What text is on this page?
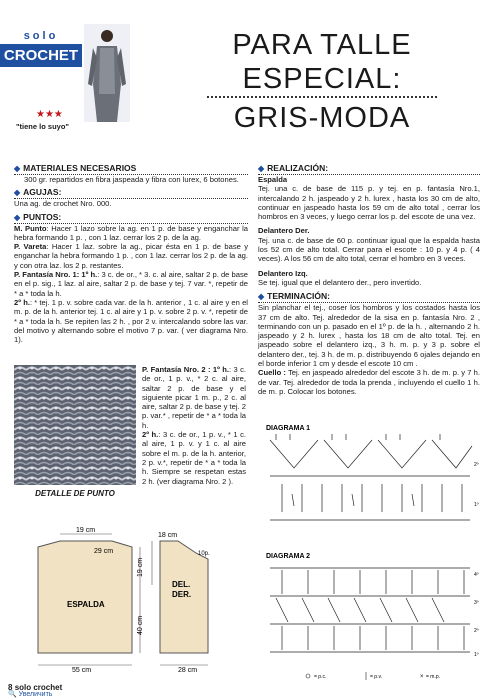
solo
CROCHET
★★★
"tiene lo suyo"
PARA TALLE
ESPECIAL:
GRIS-MODA
◆ MATERIALES NECESARIOS
300 gr. repartidos en fibra jaspeada y fibra con lurex, 6 botones.
◆ AGUJAS:
Una ag. de crochet Nro. 000.
◆ PUNTOS:
M. Punto: Hacer 1 lazo sobre la ag. en 1 p. de base y enganchar la hebra formando 1 p. , con 1 laz. cerrar los 2 p. de la ag.
P. Vareta: Hacer 1 laz. sobre la ag., picar ésta en 1 p. de base y enganchar la hebra formando 1 p. , con 1 laz. cerrar los 2 p. de la ag. y con otra laz. los 2 p. restantes.
P. Fantasía Nro. 1: 1º h.: 3 c. de or., * 3. c. al aire, saltar 2 p. de base en el p. sig., 1 laz. al aire, saltar 2 p. de base y tej. 7 var. *, repetir de * a * toda la h.
2º h.: * tej. 1 p. v. sobre cada var. de la h. anterior , 1 c. al aire y en el m. p. de la h. anterior tej. 1 c. al aire y 1 p. v. sobre 2 p. v. *, repetir de * a * toda la h. Se repiten las 2 h. , por 2 v. intercalando sobre las var. del motivo y alternando sobre el motivo 7 p. var. ( ver diagrama Nro. 1).
DETALLE DE PUNTO
P. Fantasía Nro. 2 : 1º h.: 3 c. de or., 1 p. v., * 2 c. al aire, saltar 2 p. de base y el siguiente picar 1 m. p., 2 c. al aire, saltar 2 p. de base y tej. 2 p. var.* , repetir de * a * toda la h.
2º h.: 3 c. de or., 1 p. v., * 1 c. al aire, 1 p. v. y 1 c. al aire sobre el m. p. de la h. anterior, 2 p. v.*, repetir de * a * toda la h. Siempre se respetan estas 2 h. (ver diagrama Nro. 2 ).
19 cm
29 cm
ESPALDA
DEL.
DER.
19 cm
40 cm
55 cm
18 cm
10p.
28 cm
◆ REALIZACIÓN:
Espalda
Tej. una c. de base de 115 p. y tej. en p. fantasía Nro.1, intercalando 2 h. jaspeado y 2 h. lurex , hasta los 30 cm de alto, continuar en jaspeado hasta los 59 cm de alto total , cerrar los hombros en 3 veces, y luego cerrar los p. del escote de una vez.
Delantero Der.
Tej. una c. de base de 60 p. continuar igual que la espalda hasta los 52 cm de alto total. Cerrar para el escote : 10 p. y 4 p. ( 4 veces). A los 56 cm de alto total, cerrar el hombro en 3 veces.
Delantero Izq.
Se tej. igual que el delantero der., pero invertido.
◆ TERMINACIÓN:
Sin planchar el tej., coser los hombros y los costados hasta los 37 cm de alto. Tej. alrededor de la sisa en p. fantasía Nro. 2 , terminando con un p. pasado en el 1º p. de la h. , alternando 2 h. jaspeado y 2 h. lurex , hasta los 18 cm de alto total. Tej. en jaspeado sobre el delantero izq., 3 h. m. p. y 3 p. sobre el delantero der., tej. 3 h. de m. p. distribuyendo 6 ojales dejando en el borde inferior 1 cm y desde el escote 10 cm .
Cuello : Tej. en jaspeado alrededor del escote 3 h. de m. p. y 7 h. de var. Tej. alrededor de toda la prenda , incluyendo el cuello 1 h. de m. p. Colocar los botones.
DIAGRAMA 1
2º
1º
DIAGRAMA 2
4º
3º
2º
1º
= p.c.	= p.v.	× = m.p.
8 solo crochet
🔍 Увеличить
